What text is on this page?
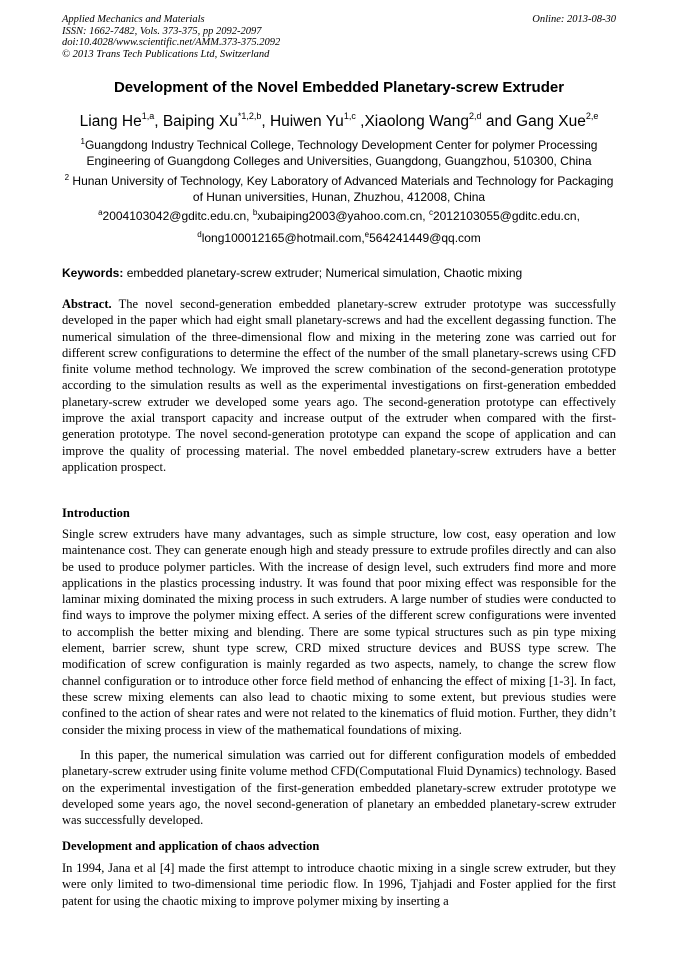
Applied Mechanics and Materials
ISSN: 1662-7482, Vols. 373-375, pp 2092-2097
doi:10.4028/www.scientific.net/AMM.373-375.2092
© 2013 Trans Tech Publications Ltd, Switzerland
Online: 2013-08-30
Development of the Novel Embedded Planetary-screw Extruder
Liang He$^{1,a}$, Baiping Xu$^{*1,2,b}$, Huiwen Yu$^{1,c}$ ,Xiaolong Wang$^{2,d}$ and Gang Xue$^{2,e}$
$^1$Guangdong Industry Technical College, Technology Development Center for polymer Processing Engineering of Guangdong Colleges and Universities, Guangdong, Guangzhou, 510300, China
$^2$ Hunan University of Technology, Key Laboratory of Advanced Materials and Technology for Packaging of Hunan universities, Hunan, Zhuzhou, 412008, China
$^a$2004103042@gditc.edu.cn, $^b$xubaiping2003@yahoo.com.cn, $^c$2012103055@gditc.edu.cn,
$^d$long100012165@hotmail.com,$^e$564241449@qq.com
Keywords: embedded planetary-screw extruder; Numerical simulation, Chaotic mixing
Abstract. The novel second-generation embedded planetary-screw extruder prototype was successfully developed in the paper which had eight small planetary-screws and had the excellent degassing function. The numerical simulation of the three-dimensional flow and mixing in the metering zone was carried out for different screw configurations to determine the effect of the number of the small planetary-screws using CFD finite volume method technology. We improved the screw combination of the second-generation prototype according to the simulation results as well as the experimental investigations on first-generation embedded planetary-screw extruder we developed some years ago. The second-generation prototype can effectively improve the axial transport capacity and increase output of the extruder when compared with the first-generation prototype. The novel second-generation prototype can expand the scope of application and can improve the quality of processing material. The novel embedded planetary-screw extruders have a better application prospect.
Introduction
Single screw extruders have many advantages, such as simple structure, low cost, easy operation and low maintenance cost. They can generate enough high and steady pressure to extrude profiles directly and can also be used to produce polymer particles. With the increase of design level, such extruders find more and more applications in the plastics processing industry. It was found that poor mixing effect was responsible for the laminar mixing dominated the mixing process in such extruders. A large number of studies were conducted to find ways to improve the polymer mixing effect. A series of the different screw configurations were invented to accomplish the better mixing and blending. There are some typical structures such as pin type mixing element, barrier screw, shunt type screw, CRD mixed structure devices and BUSS type screw. The modification of screw configuration is mainly regarded as two aspects, namely, to change the screw flow channel configuration or to introduce other force field method of enhancing the effect of mixing [1-3]. In fact, these screw mixing elements can also lead to chaotic mixing to some extent, but previous studies were confined to the action of shear rates and were not related to the kinematics of fluid motion. Further, they didn’t consider the mixing process in view of the mathematical foundations of mixing.
In this paper, the numerical simulation was carried out for different configuration models of embedded planetary-screw extruder using finite volume method CFD(Computational Fluid Dynamics) technology. Based on the experimental investigation of the first-generation embedded planetary-screw extruder prototype we developed some years ago, the novel second-generation of planetary an embedded planetary-screw extruder was successfully developed.
Development and application of chaos advection
In 1994, Jana et al [4] made the first attempt to introduce chaotic mixing in a single screw extruder, but they were only limited to two-dimensional time periodic flow. In 1996, Tjahjadi and Foster applied for the first patent for using the chaotic mixing to improve polymer mixing by inserting a
